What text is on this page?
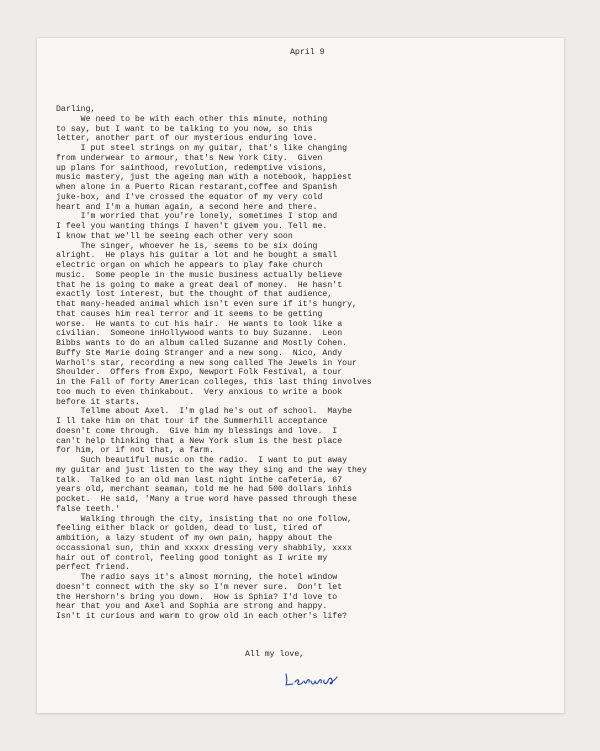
Darling,
We need to be with each other this minute, nothing
to say, but I want to be talking to you now, so this
letter, another part of our mysterious enduring love.
I put steel strings on my guitar, that's like changing
from underwear to armour, that's New York City.  Given
up plans for sainthood, revolution, redemptive visions,
music mastery, just the ageing man with a notebook, happiest
when alone in a Puerto Rican restarant,coffee and Spanish
juke-box, and I've crossed the equator of my very cold
heart and I'm a human again, a second here and there.
I'm worried that you're lonely, sometimes I stop and
I feel you wanting things I haven't givem you. Tell me.
I know that we'll be seeing each other very soon
The singer, whoever he is, seems to be six doing
alright.  He plays his guitar a lot and he bought a small
electric organ on which he appears to play fake church
music.  Some people in the music business actually believe
that he is going to make a great deal of money.  He hasn't
exactly lost interest, but the thought of that audience,
that many-headed animal which isn't even sure if it's hungry,
that causes him real terror and it seems to be getting
worse.  He wants to cut his hair.  He wants to look like a
civilian.  Someone inHollywood wants to buy Suzanne.  Leon
Bibbs wants to do an album called Suzanne and Mostly Cohen.
Buffy Ste Marie doing Stranger and a new song.  Nico, Andy
Warhol's star, recording a new song called The Jewels in Your
Shoulder.  Offers from Expo, Newport Folk Festival, a tour
in the Fall of forty American colleges, this last thing involves
too much to even thinkabout.  Very anxious to write a book
before it starts.
Tellme about Axel.  I'm glad he's out of school.  Maybe
I ll take him on that tour if the Summerhill acceptance
doesn't come through.  Give him my blessings and love.  I
can't help thinking that a New York slum is the best place
for him, or if not that, a farm.
Such beautiful music on the radio.  I want to put away
my guitar and just listen to the way they sing and the way they
talk.  Talked to an old man last night inthe cafeteria, 67
years old, merchant seaman, told me he had 500 dollars inhis
pocket.  He said, 'Many a true word have passed through these
false teeth.'
Walking through the city, insisting that no one follow,
feeling either black or golden, dead to lust, tired of
ambition, a lazy student of my own pain, happy about the
occassional sun, thin and xxxxx dressing very shabbily, xxxx
hair out of control, feeling good tonight as I write my
perfect friend.
The radio says it's almost morning, the hotel window
doesn't connect with the sky so I'm never sure.  Don't let
the Hershorn's bring you down.  How is Sphia? I'd love to
hear that you and Axel and Sophia are strong and happy.
Isn't it curious and warm to grow old in each other's life?
April 9
All my love,
